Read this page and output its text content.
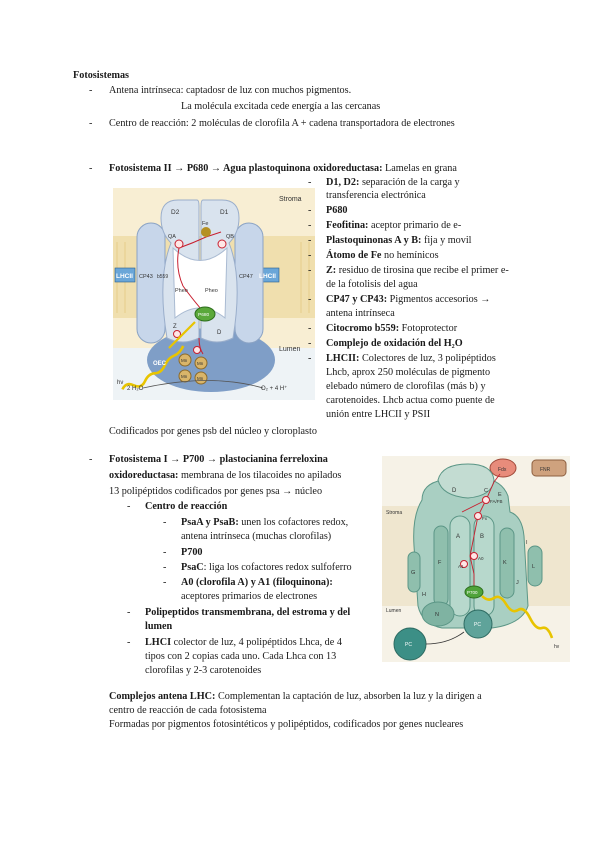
Fotosistemas
- Antena intrínseca: captadosr de luz con muchos pigmentos.
La molécula excitada cede energía a las cercanas
- Centro de reacción: 2 moléculas de clorofila A + cadena transportadora de electrones
- Fotosistema II → P680 → Agua plastoquinona oxidoreductasa: Lamelas en grana
Stroma
Lumen
LHCII	LHCII
D2	D1
QA
Fe
QB
CP43 b559	CP47
Pheo	Pheo
P680
Z
D
OEC
hν
Mn
Mn
Mn Mn
2 H₂O	O₂ + 4 H⁺
- D1, D2: separación de la carga y
transferencia electrónica
- P680
- Feofitina: aceptor primario de e-
- Plastoquinonas A y B: fija y movil
- Átomo de Fe no hemínicos
- Z: residuo de tirosina que recibe el primer e-
de la fotolisis del agua
- CP47 y CP43: Pigmentos accesorios →
antena intrínseca
- Citocromo b559: Fotoprotector
- Complejo de oxidación del H₂O
- LHCII: Colectores de luz, 3 polipéptidos
Lhcb, aprox 250 moléculas de pigmento
elebado número de clorofilas (más b) y
carotenoides. Lhcb actua como puente de
unión entre LHCII y PSII
Codificados por genes psb del núcleo y cloroplasto
- Fotosistema I → P700 → plastocianina ferreloxina
oxidoreductasa: membrana de los tilacoides no apilados
13 polipéptidos codificados por genes psa → núcleo
- Centro de reacción
- PsaA y PsaB: unen los cofactores redox,
antena intrínseca (muchas clorofilas)
- P700
- PsaC: liga los cofactores redox sulfoferro
- A0 (clorofila A) y A1 (filoquinona):
aceptores primarios de electrones
- Polipeptidos transmembrana, del estroma y del
lumen
- LHCI colector de luz, 4 polipéptidos Lhca, de 4
tipos con 2 copias cada uno. Cada Lhca con 13
clorofilas y 2-3 carotenoides
Fdx	FNR
Stroma
Lumen
D
E
C
Fx
FA/FB
A	B
A1
A0
K
F
G
H
J
I
L
N
P700
PC
PC	hν
Complejos antena LHC: Complementan la captación de luz, absorben la luz y la dirigen a
centro de reacción de cada fotosistema
Formadas por pigmentos fotosintéticos y polipéptidos, codificados por genes nucleares
